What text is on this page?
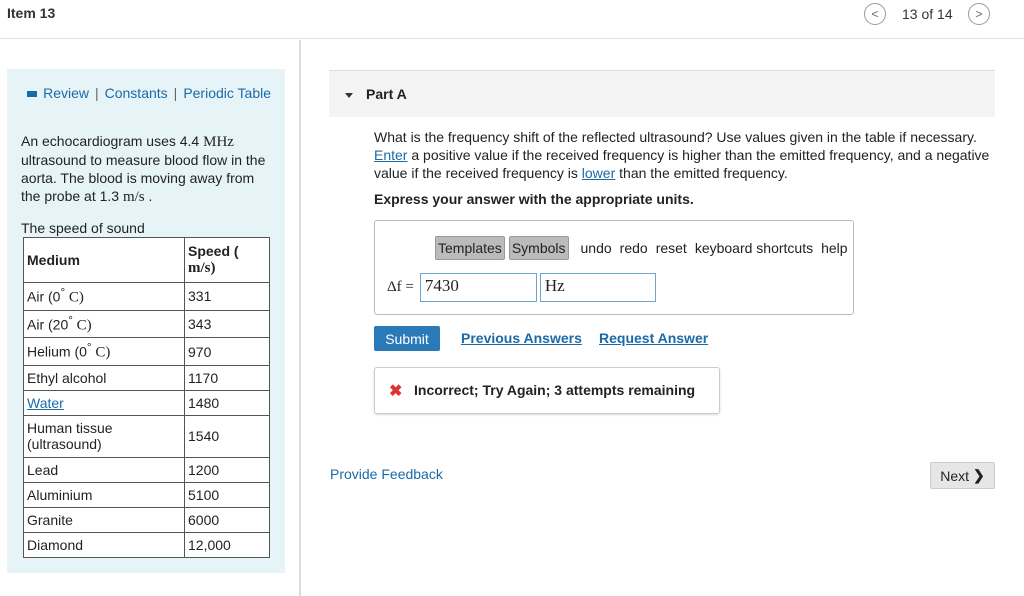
Item 13	< 13 of 14 >
Review | Constants | Periodic Table
An echocardiogram uses 4.4 MHz ultrasound to measure blood flow in the aorta. The blood is moving away from the probe at 1.3 m/s .
The speed of sound
Medium	Speed (
m/s)
Air (0° C)	331
Air (20° C)	343
Helium (0° C)	970
Ethyl alcohol	1170
Water	1480
Human tissue (ultrasound)	1540
Lead	1200
Aluminium	5100
Granite	6000
Diamond	12,000
Part A
What is the frequency shift of the reflected ultrasound? Use values given in the table if necessary. Enter a positive value if the received frequency is higher than the emitted frequency, and a negative value if the received frequency is lower than the emitted frequency.
Express your answer with the appropriate units.
Templates Symbols undo redo reset keyboard shortcuts help
Δf = 7430	Hz
Submit	Previous Answers Request Answer
✖ Incorrect; Try Again; 3 attempts remaining
Provide Feedback	Next ❯
